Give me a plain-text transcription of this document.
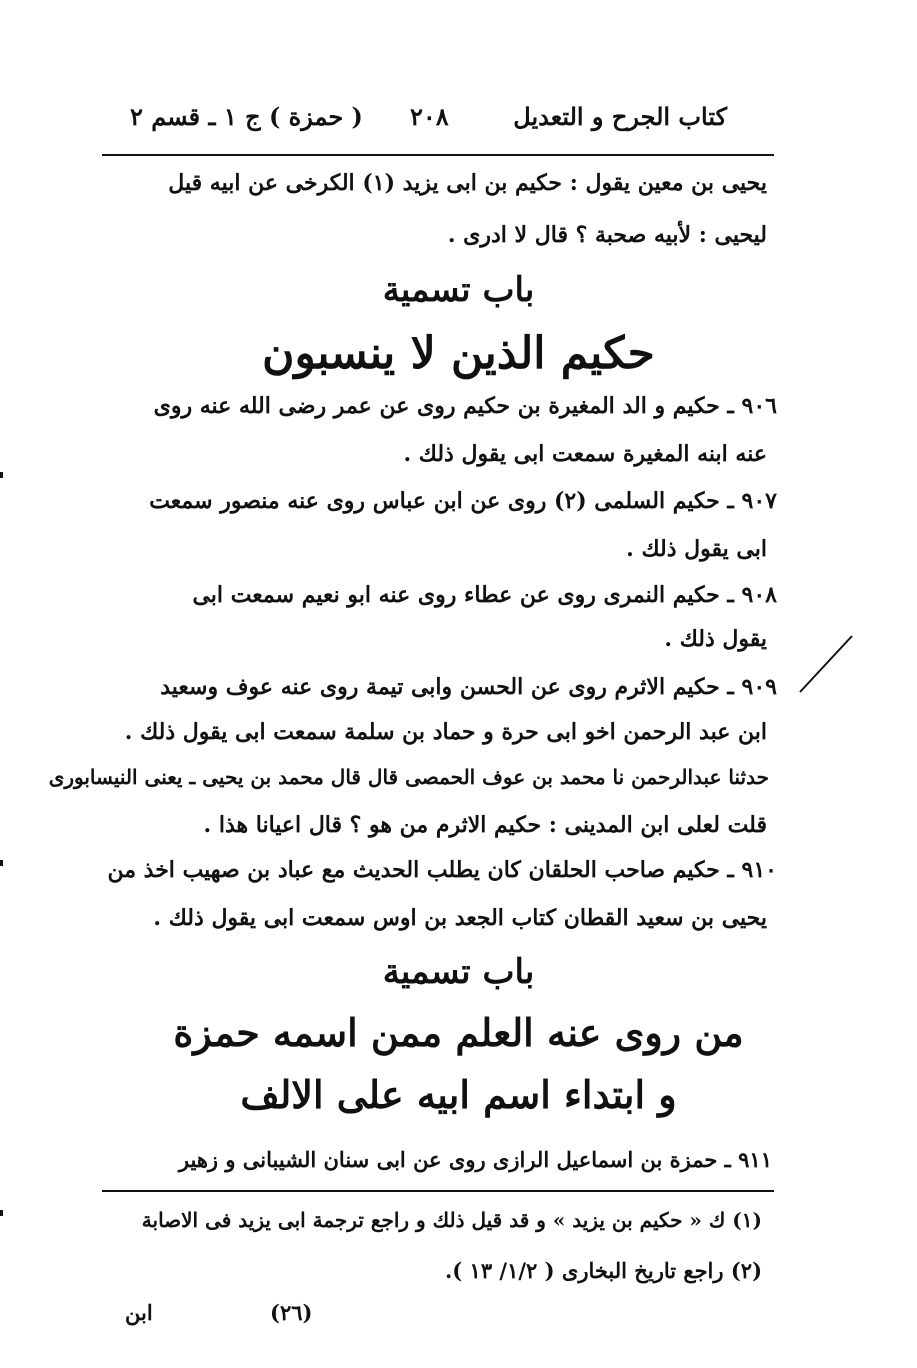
كتاب الجرح و التعديل
٢٠٨
( حمزة ) ج ١ ـ قسم ٢
يحيى بن معين يقول : حكيم بن ابى يزيد (١) الكرخى عن ابيه قيل
ليحيى : لأبيه صحبة ؟ قال لا ادرى .
باب تسمية
حكيم الذين لا ينسبون
٩٠٦ ـ حكيم و الد المغيرة بن حكيم روى عن عمر رضى الله عنه روى
عنه ابنه المغيرة سمعت ابى يقول ذلك .
٩٠٧ ـ حكيم السلمى (٢) روى عن ابن عباس روى عنه منصور سمعت
ابى يقول ذلك .
٩٠٨ ـ حكيم النمرى روى عن عطاء روى عنه ابو نعيم سمعت ابى
يقول ذلك .
٩٠٩ ـ حكيم الاثرم روى عن الحسن وابى تيمة روى عنه عوف وسعيد
ابن عبد الرحمن اخو ابى حرة و حماد بن سلمة سمعت ابى يقول ذلك .
حدثنا عبدالرحمن نا محمد بن عوف الحمصى قال قال محمد بن يحيى ـ يعنى النيسابورى
قلت لعلى ابن المدينى : حكيم الاثرم من هو ؟ قال اعيانا هذا .
٩١٠ ـ حكيم صاحب الحلقان كان يطلب الحديث مع عباد بن صهيب اخذ من
يحيى بن سعيد القطان كتاب الجعد بن اوس سمعت ابى يقول ذلك .
باب تسمية
من روى عنه العلم ممن اسمه حمزة
و ابتداء اسم ابيه على الالف
٩١١ ـ حمزة بن اسماعيل الرازى روى عن ابى سنان الشيبانى و زهير
(١) ك « حكيم بن يزيد » و قد قيل ذلك و راجع ترجمة ابى يزيد فى الاصابة
(٢) راجع تاريخ البخارى ( ١/٢/ ١٣ ).
(٢٦)
ابن
